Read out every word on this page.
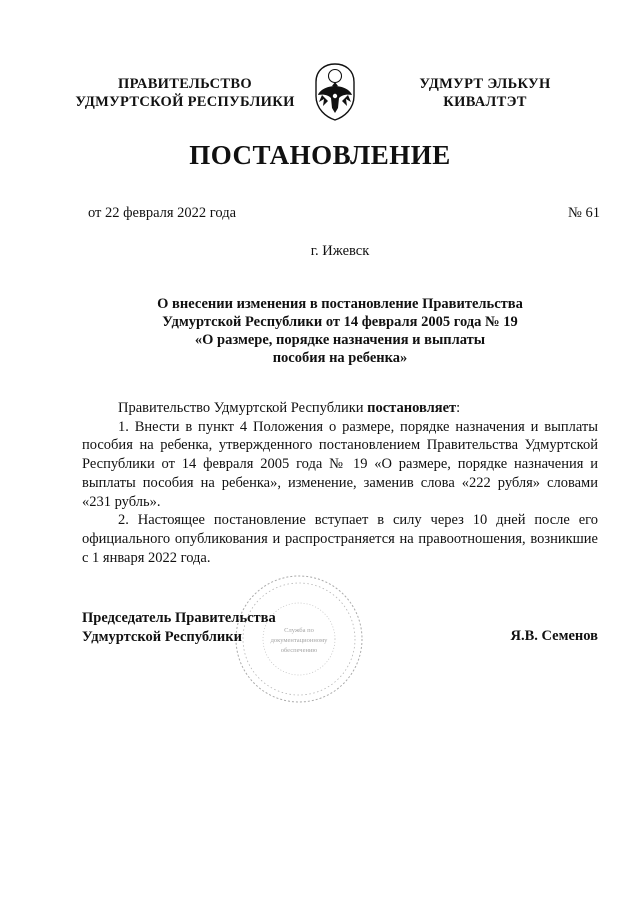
ПРАВИТЕЛЬСТВО
УДМУРТСКОЙ РЕСПУБЛИКИ
УДМУРТ ЭЛЬКУН
КИВАЛТЭТ
ПОСТАНОВЛЕНИЕ
от 22 февраля 2022 года	№ 61
г. Ижевск
О внесении изменения в постановление Правительства
Удмуртской Республики от 14 февраля 2005 года № 19
«О размере, порядке назначения и выплаты
пособия на ребенка»

Правительство Удмуртской Республики постановляет:

1. Внести в пункт 4 Положения о размере, порядке назначения и выплаты пособия на ребенка, утвержденного постановлением Правительства Удмуртской Республики от 14 февраля 2005 года № 19 «О размере, порядке назначения и выплаты пособия на ребенка», изменение, заменив слова «222 рубля» словами «231 рубль».

2. Настоящее постановление вступает в силу через 10 дней после его официального опубликования и распространяется на правоотношения, возникшие с 1 января 2022 года.

Служба по
документационному
обеспечению
Председатель Правительства
Удмуртской Республики	Я.В. Семенов
